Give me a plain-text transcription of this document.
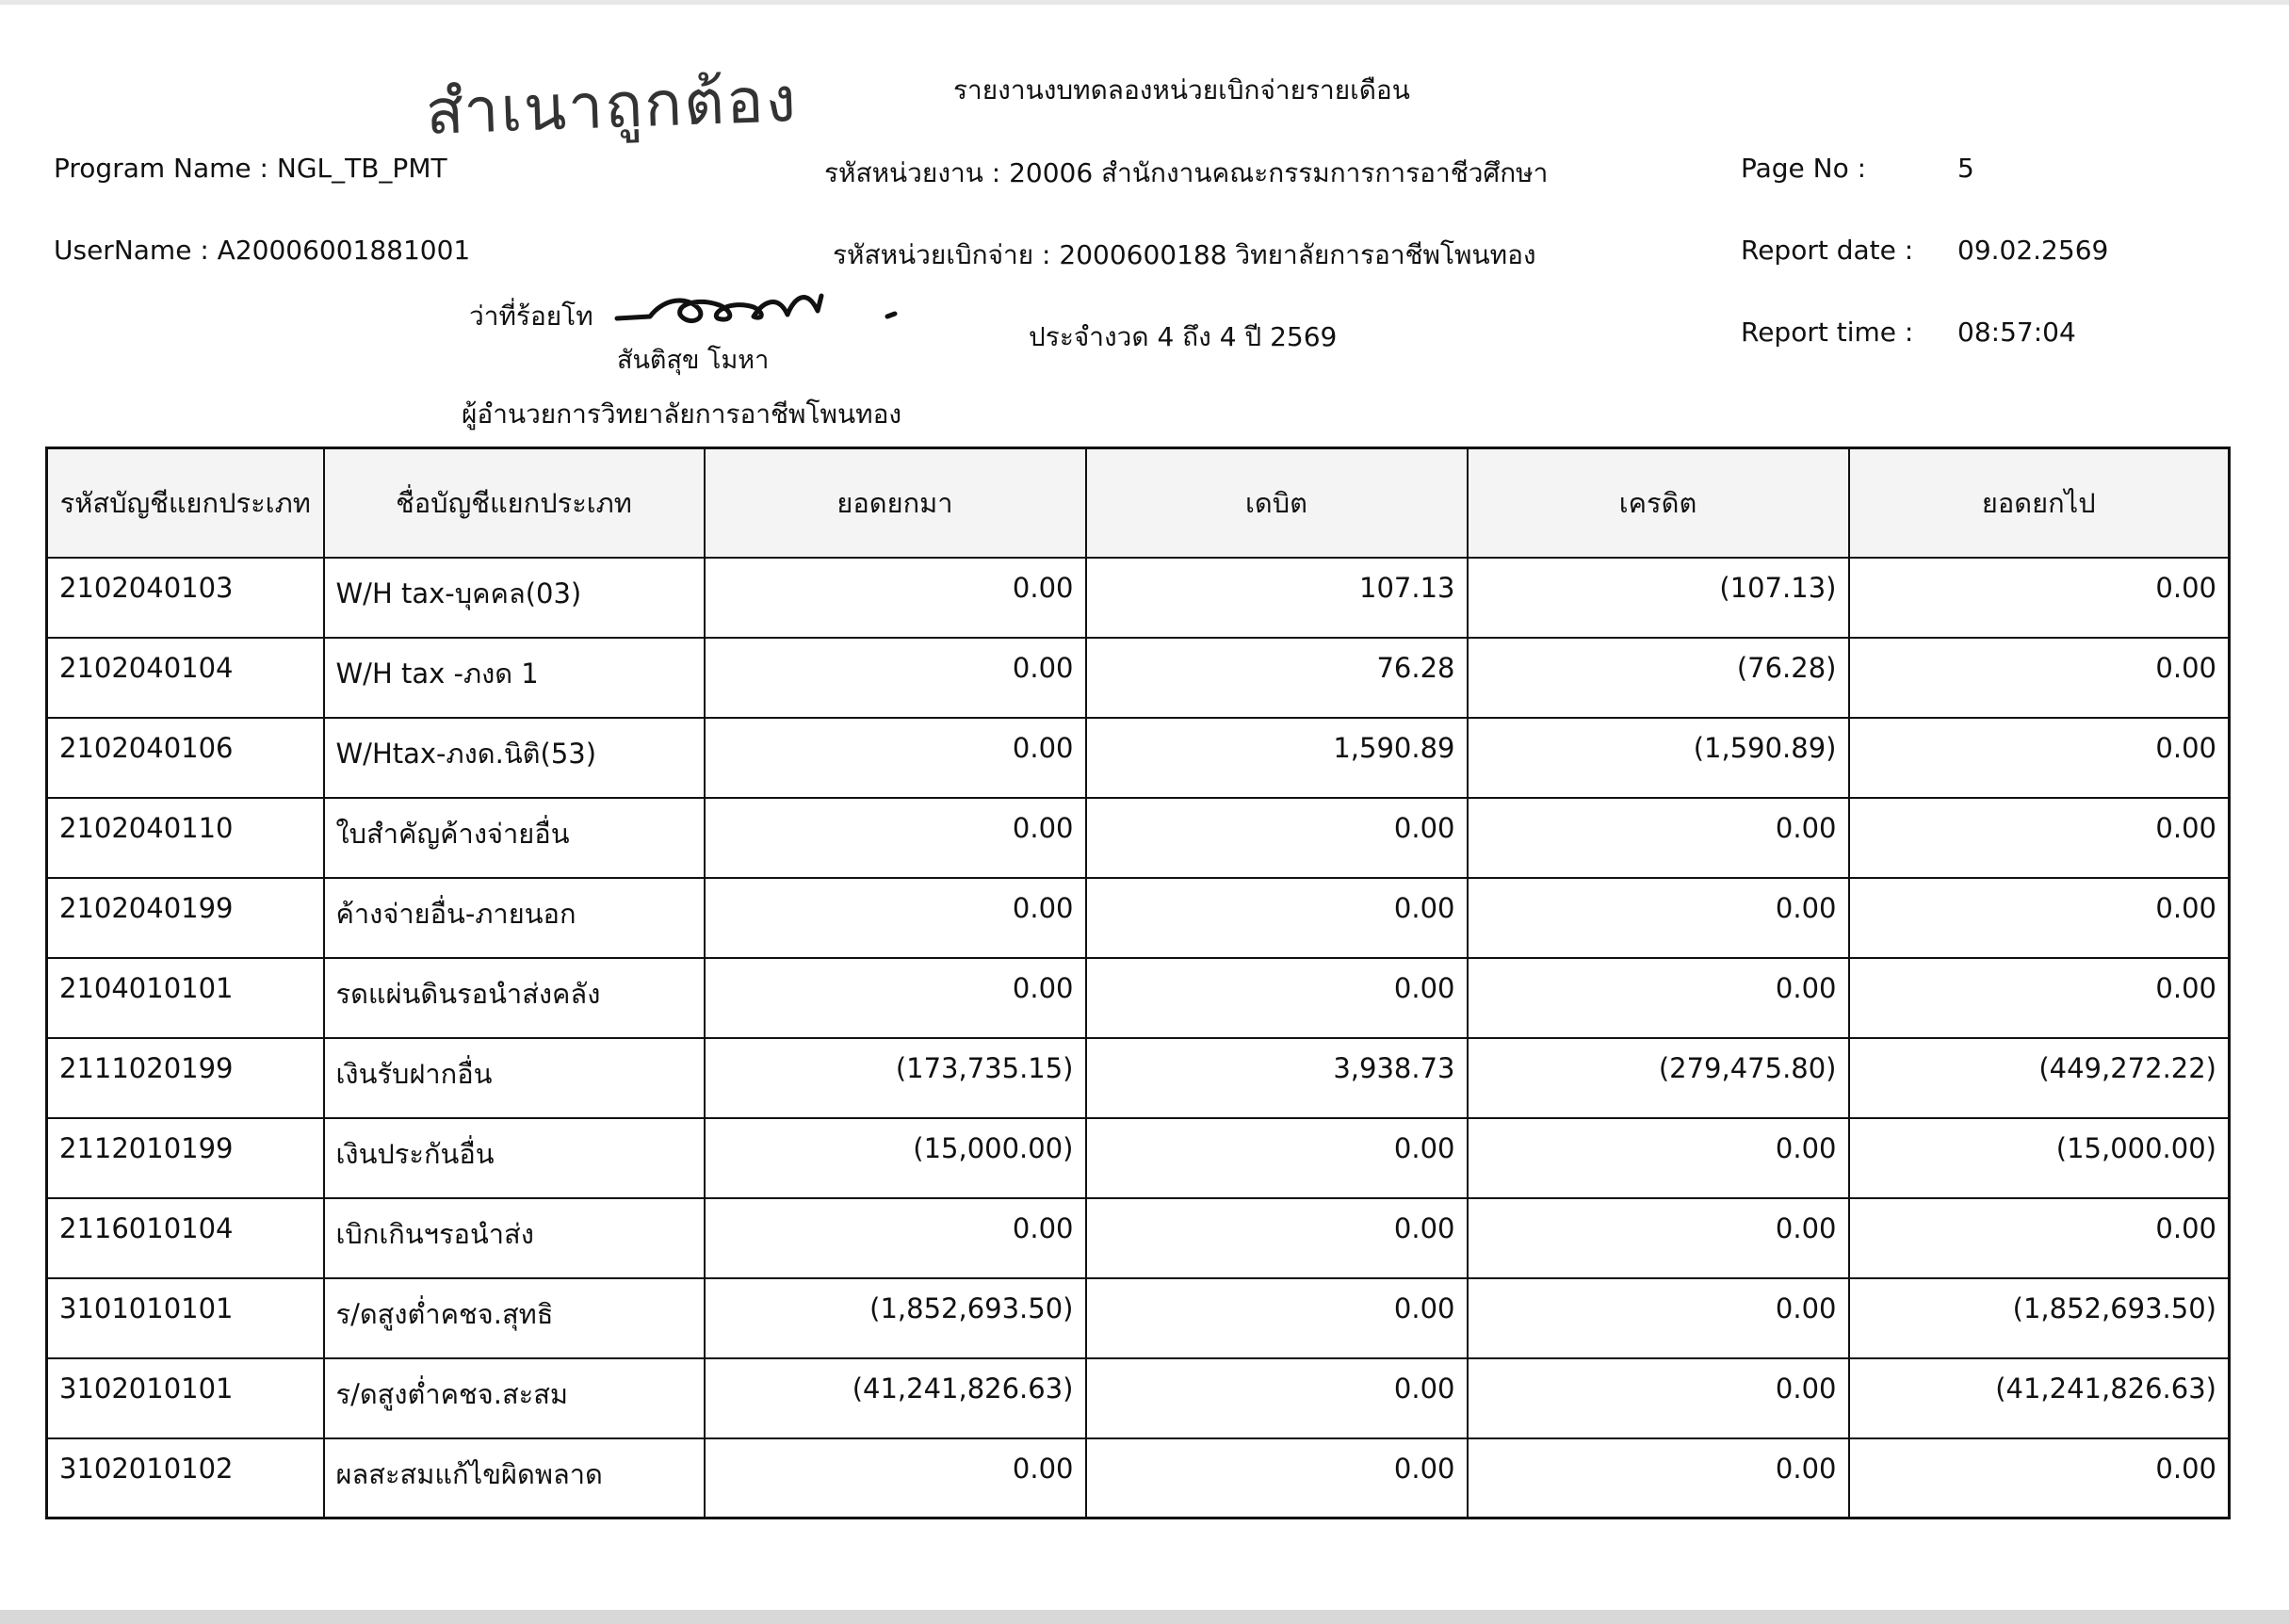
สำเนาถูกต้อง	รายงานงบทดลองหน่วยเบิกจ่ายรายเดือน
Program Name : NGL_TB_PMT	รหัสหน่วยงาน : 20006 สำนักงานคณะกรรมการการอาชีวศึกษา	Page No :	5
UserName : A20006001881001	รหัสหน่วยเบิกจ่าย : 2000600188 วิทยาลัยการอาชีพโพนทอง	Report date : 09.02.2569
ประจำงวด 4 ถึง 4 ปี 2569	Report time : 08:57:04
ว่าที่ร้อยโท
สันติสุข โมหา
ผู้อำนวยการวิทยาลัยการอาชีพโพนทอง
รหัสบัญชีแยกประเภท	ชื่อบัญชีแยกประเภท	ยอดยกมา	เดบิต	เครดิต	ยอดยกไป
2102040103	W/H tax-บุคคล(03)	0.00	107.13	(107.13)	0.00
2102040104	W/H tax -ภงด 1	0.00	76.28	(76.28)	0.00
2102040106	W/Htax-ภงด.นิติ(53)	0.00	1,590.89	(1,590.89)	0.00
2102040110	ใบสำคัญค้างจ่ายอื่น	0.00	0.00	0.00	0.00
2102040199	ค้างจ่ายอื่น-ภายนอก	0.00	0.00	0.00	0.00
2104010101	รดแผ่นดินรอนำส่งคลัง	0.00	0.00	0.00	0.00
2111020199	เงินรับฝากอื่น	(173,735.15)	3,938.73	(279,475.80)	(449,272.22)
2112010199	เงินประกันอื่น	(15,000.00)	0.00	0.00	(15,000.00)
2116010104	เบิกเกินฯรอนำส่ง	0.00	0.00	0.00	0.00
3101010101	ร/ดสูงต่ำคชจ.สุทธิ	(1,852,693.50)	0.00	0.00	(1,852,693.50)
3102010101	ร/ดสูงต่ำคชจ.สะสม	(41,241,826.63)	0.00	0.00	(41,241,826.63)
3102010102	ผลสะสมแก้ไขผิดพลาด	0.00	0.00	0.00	0.00
